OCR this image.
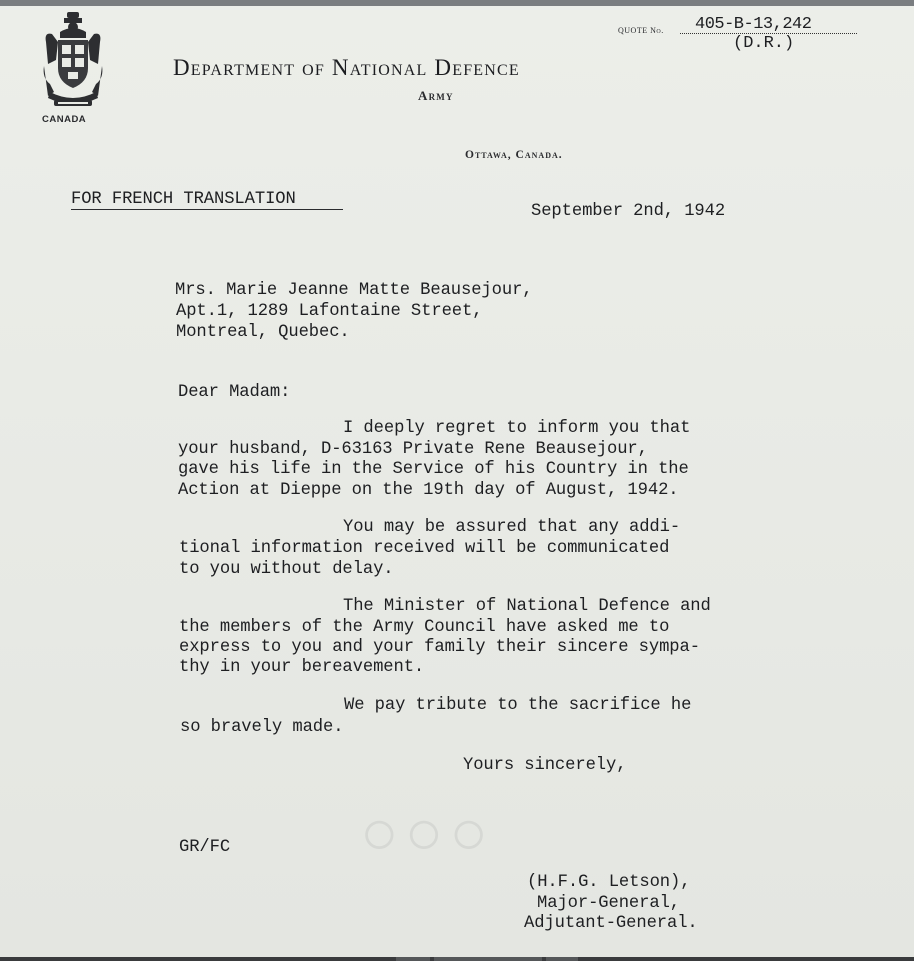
CANADA
Department of National Defence
Army
Ottawa, Canada.
QUOTE No. 405-B-13,242
(D.R.)
FOR FRENCH TRANSLATION
September 2nd, 1942
Mrs. Marie Jeanne Matte Beausejour,
Apt.1, 1289 Lafontaine Street,
Montreal, Quebec.
Dear Madam:
I deeply regret to inform you that
your husband, D-63163 Private Rene Beausejour,
gave his life in the Service of his Country in the
Action at Dieppe on the 19th day of August, 1942.
You may be assured that any addi-
tional information received will be communicated
to you without delay.
The Minister of National Defence and
the members of the Army Council have asked me to
express to you and your family their sincere sympa-
thy in your bereavement.
We pay tribute to the sacrifice he
so bravely made.
Yours sincerely,
GR/FC ○○○
(H.F.G. Letson),
Major-General,
Adjutant-General.
